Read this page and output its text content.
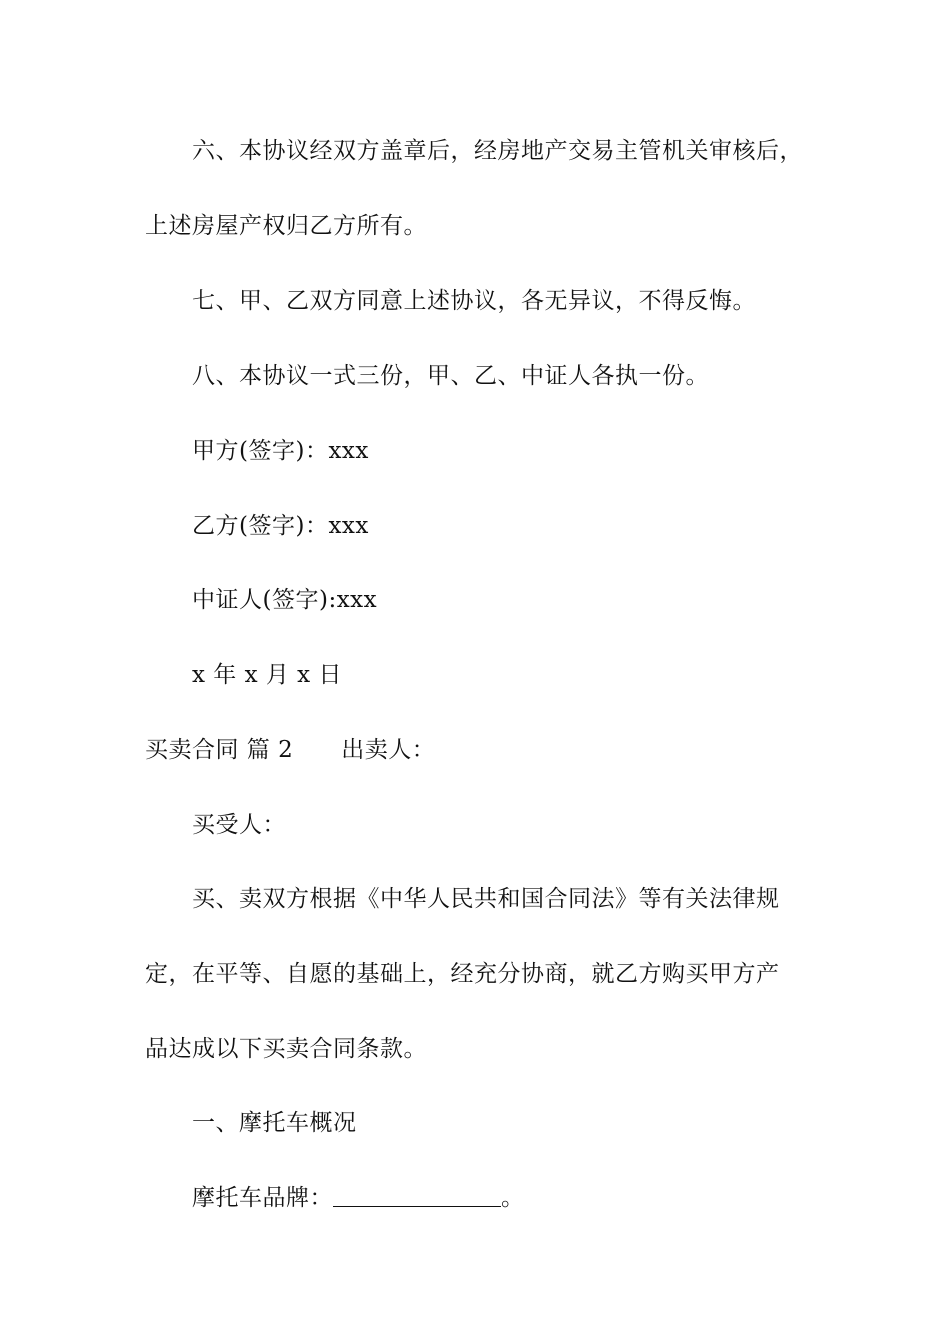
六、本协议经双方盖章后，经房地产交易主管机关审核后，
上述房屋产权归乙方所有。
七、甲、乙双方同意上述协议，各无异议，不得反悔。
八、本协议一式三份，甲、乙、中证人各执一份。
甲方(签字)：xxx
乙方(签字)：xxx
中证人(签字):xxx
x 年 x 月 x 日
买卖合同 篇 2 出卖人：
买受人：
买、卖双方根据《中华人民共和国合同法》等有关法律规
定，在平等、自愿的基础上，经充分协商，就乙方购买甲方产
品达成以下买卖合同条款。
一、摩托车概况
摩托车品牌：	。
